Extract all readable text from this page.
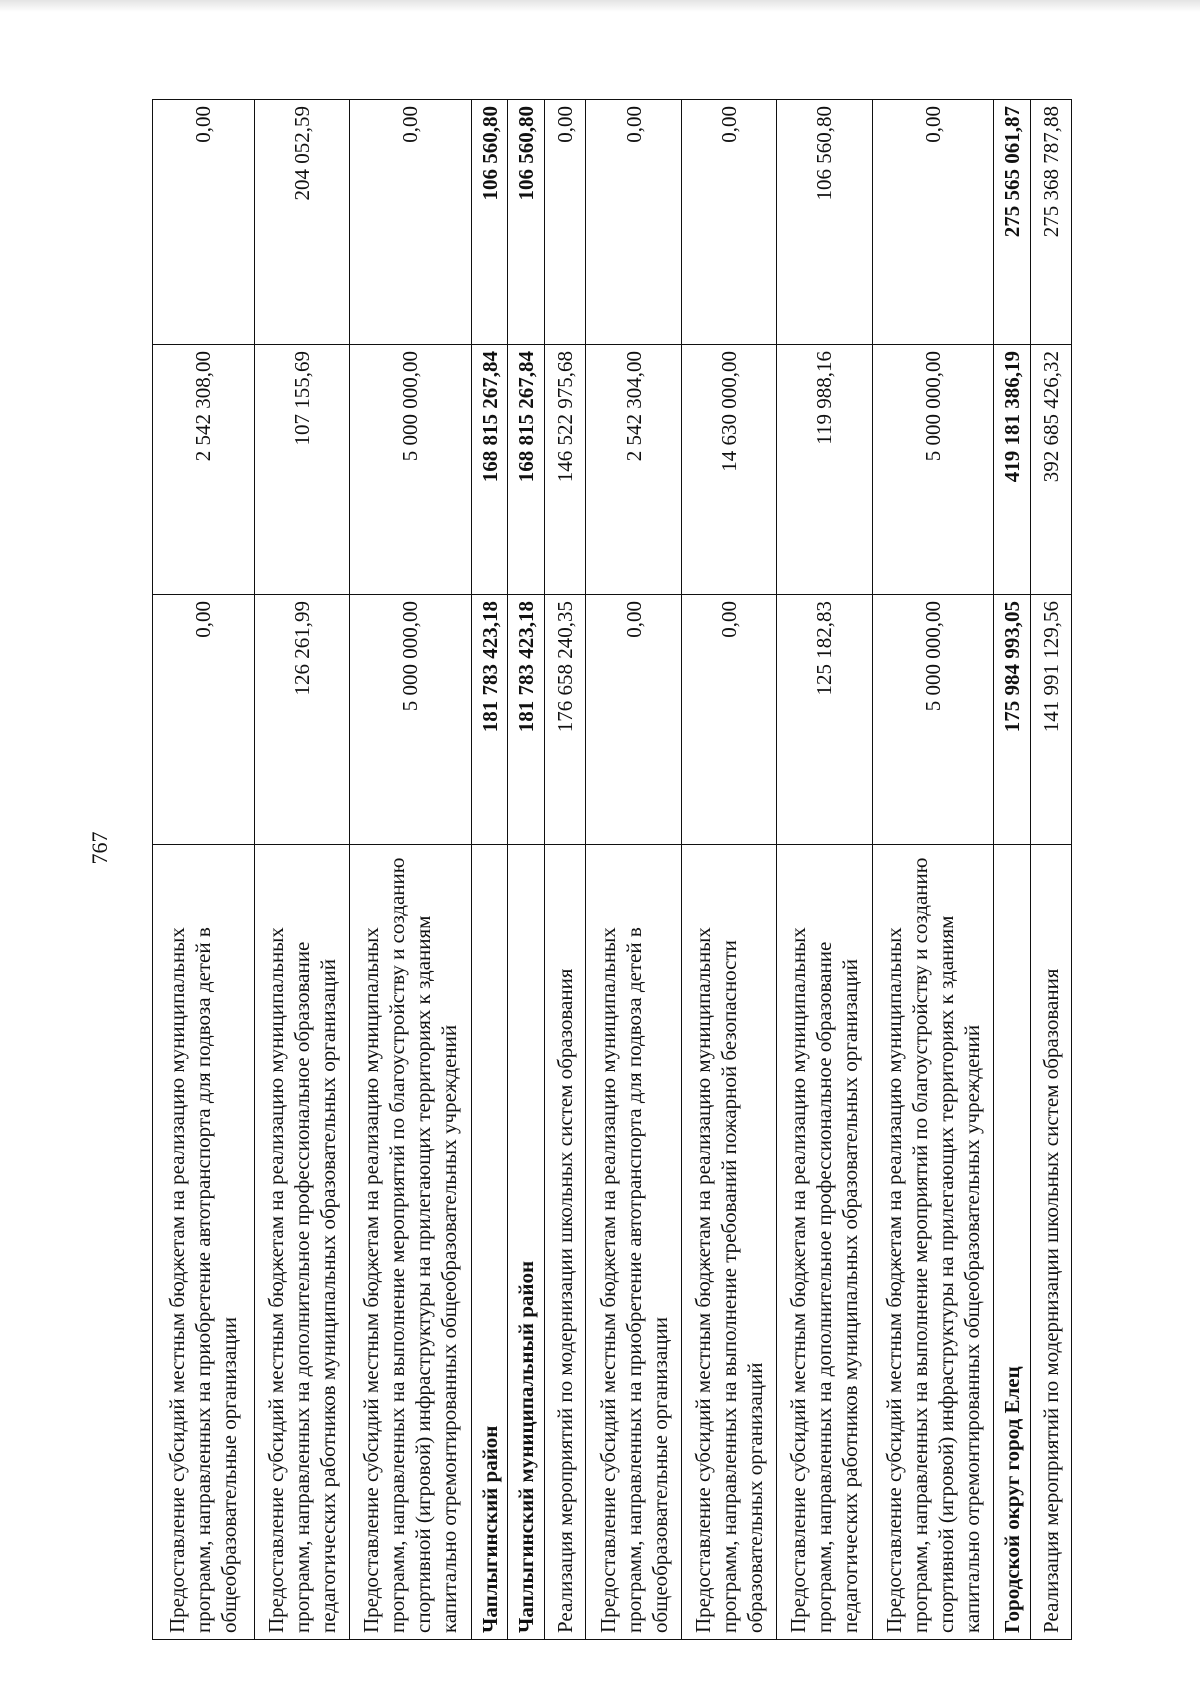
767
Предоставление субсидий местным бюджетам на реализацию муниципальных программ, направленных на приобретение автотранспорта для подвоза детей в общеобразовательные организации	0,00	2 542 308,00	0,00
Предоставление субсидий местным бюджетам на реализацию муниципальных программ, направленных на дополнительное профессиональное образование педагогических работников муниципальных образовательных организаций	126 261,99	107 155,69	204 052,59
Предоставление субсидий местным бюджетам на реализацию муниципальных программ, направленных на выполнение мероприятий по благоустройству и созданию спортивной (игровой) инфраструктуры на прилегающих территориях к зданиям капитально отремонтированных общеобразовательных учреждений	5 000 000,00	5 000 000,00	0,00
Чаплыгинский район	181 783 423,18	168 815 267,84	106 560,80
Чаплыгинский муниципальный район	181 783 423,18	168 815 267,84	106 560,80
Реализация мероприятий по модернизации школьных систем образования	176 658 240,35	146 522 975,68	0,00
Предоставление субсидий местным бюджетам на реализацию муниципальных программ, направленных на приобретение автотранспорта для подвоза детей в общеобразовательные организации	0,00	2 542 304,00	0,00
Предоставление субсидий местным бюджетам на реализацию муниципальных программ, направленных на выполнение требований пожарной безопасности образовательных организаций	0,00	14 630 000,00	0,00
Предоставление субсидий местным бюджетам на реализацию муниципальных программ, направленных на дополнительное профессиональное образование педагогических работников муниципальных образовательных организаций	125 182,83	119 988,16	106 560,80
Предоставление субсидий местным бюджетам на реализацию муниципальных программ, направленных на выполнение мероприятий по благоустройству и созданию спортивной (игровой) инфраструктуры на прилегающих территориях к зданиям капитально отремонтированных общеобразовательных учреждений	5 000 000,00	5 000 000,00	0,00
Городской округ город Елец	175 984 993,05	419 181 386,19	275 565 061,87
Реализация мероприятий по модернизации школьных систем образования	141 991 129,56	392 685 426,32	275 368 787,88
